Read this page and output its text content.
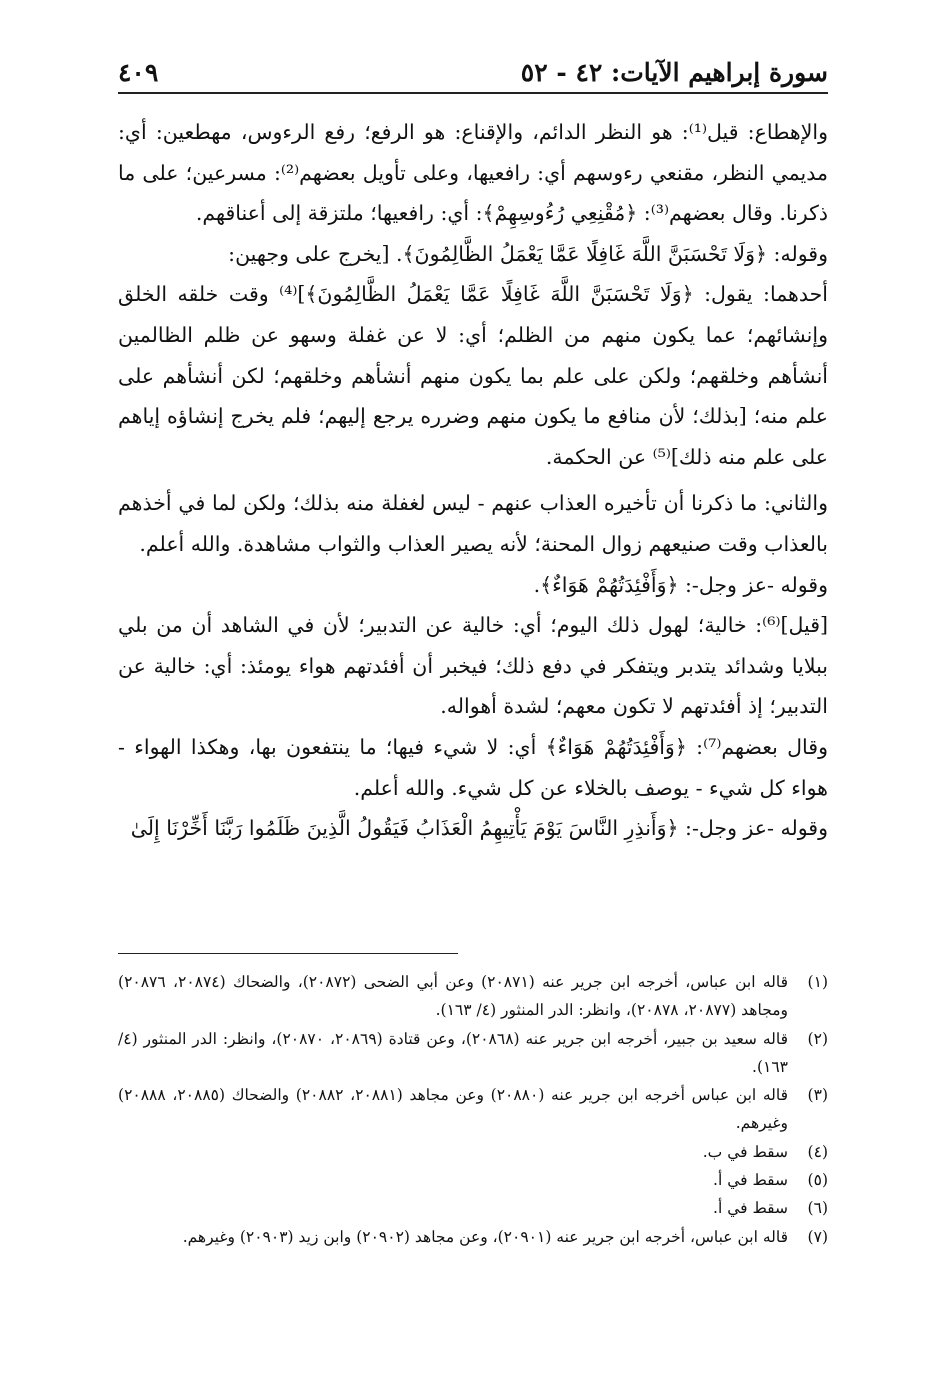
سورة إبراهيم الآيات: ٤٢ - ٥٢
٤٠٩

والإهطاع: قيل⁽¹⁾: هو النظر الدائم، والإقناع: هو الرفع؛ رفع الرءوس، مهطعين: أي: مديمي النظر، مقنعي رءوسهم أي: رافعيها، وعلى تأويل بعضهم⁽²⁾: مسرعين؛ على ما ذكرنا. وقال بعضهم⁽³⁾: ﴿مُقْنِعِي رُءُوسِهِمْ﴾: أي: رافعيها؛ ملتزقة إلى أعناقهم.

وقوله: ﴿وَلَا تَحْسَبَنَّ اللَّهَ غَافِلًا عَمَّا يَعْمَلُ الظَّالِمُونَ﴾. [يخرج على وجهين:

أحدهما: يقول: ﴿وَلَا تَحْسَبَنَّ اللَّهَ غَافِلًا عَمَّا يَعْمَلُ الظَّالِمُونَ﴾]⁽⁴⁾ وقت خلقه الخلق وإنشائهم؛ عما يكون منهم من الظلم؛ أي: لا عن غفلة وسهو عن ظلم الظالمين أنشأهم وخلقهم؛ ولكن على علم بما يكون منهم أنشأهم وخلقهم؛ لكن أنشأهم على علم منه؛ [بذلك؛ لأن منافع ما يكون منهم وضرره يرجع إليهم؛ فلم يخرج إنشاؤه إياهم على علم منه ذلك]⁽⁵⁾ عن الحكمة.

والثاني: ما ذكرنا أن تأخيره العذاب عنهم - ليس لغفلة منه بذلك؛ ولكن لما في أخذهم بالعذاب وقت صنيعهم زوال المحنة؛ لأنه يصير العذاب والثواب مشاهدة. والله أعلم.

وقوله -عز وجل-: ﴿وَأَفْئِدَتُهُمْ هَوَاءٌ﴾.

[قيل]⁽⁶⁾: خالية؛ لهول ذلك اليوم؛ أي: خالية عن التدبير؛ لأن في الشاهد أن من بلي ببلايا وشدائد يتدبر ويتفكر في دفع ذلك؛ فيخبر أن أفئدتهم هواء يومئذ: أي: خالية عن التدبير؛ إذ أفئدتهم لا تكون معهم؛ لشدة أهواله.

وقال بعضهم⁽⁷⁾: ﴿وَأَفْئِدَتُهُمْ هَوَاءٌ﴾ أي: لا شيء فيها؛ ما ينتفعون بها، وهكذا الهواء - هواء كل شيء - يوصف بالخلاء عن كل شيء. والله أعلم.

وقوله -عز وجل-: ﴿وَأَنذِرِ النَّاسَ يَوْمَ يَأْتِيهِمُ الْعَذَابُ فَيَقُولُ الَّذِينَ ظَلَمُوا رَبَّنَا أَخِّرْنَا إِلَىٰ

(١)
قاله ابن عباس، أخرجه ابن جرير عنه (٢٠٨٧١) وعن أبي الضحى (٢٠٨٧٢)، والضحاك (٢٠٨٧٤، ٢٠٨٧٦) ومجاهد (٢٠٨٧٧، ٢٠٨٧٨)، وانظر: الدر المنثور (٤/ ١٦٣).
(٢)
قاله سعيد بن جبير، أخرجه ابن جرير عنه (٢٠٨٦٨)، وعن قتادة (٢٠٨٦٩، ٢٠٨٧٠)، وانظر: الدر المنثور (٤/ ١٦٣).
(٣)
قاله ابن عباس أخرجه ابن جرير عنه (٢٠٨٨٠) وعن مجاهد (٢٠٨٨١، ٢٠٨٨٢) والضحاك (٢٠٨٨٥، ٢٠٨٨٨) وغيرهم.
(٤)
سقط في ب.
(٥)
سقط في أ.
(٦)
سقط في أ.
(٧)
قاله ابن عباس، أخرجه ابن جرير عنه (٢٠٩٠١)، وعن مجاهد (٢٠٩٠٢) وابن زيد (٢٠٩٠٣) وغيرهم.
